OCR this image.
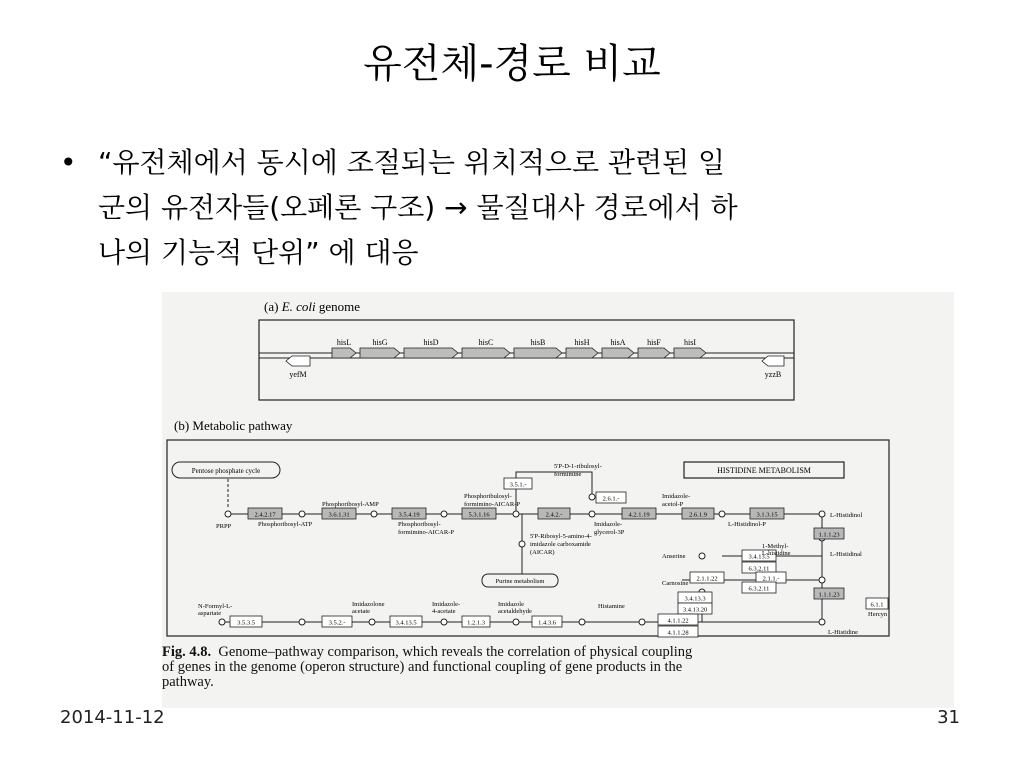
유전체-경로 비교
• “유전체에서 동시에 조절되는 위치적으로 관련된 일
군의 유전자들(오페론 구조) → 물질대사 경로에서 하
나의 기능적 단위” 에 대응
(a) E. coli genome
hisL	hisG	hisD	hisC	hisB	hisH	hisA	hisF	hisI
yefM	yzzB
(b) Metabolic pathway
HISTIDINE METABOLISM
Pentose phosphate cycle
Purine metabolism
2.4.2.17	3.6.1.31	3.5.4.19	5.3.1.16
3.5.1.-
2.6.1.-
2.4.2.-	4.2.1.19	2.6.1.9	3.1.3.15
1.1.1.23
1.1.1.23
3.4.13.5
6.3.2.11
2.1.1.22	2.1.1.-
6.3.2.11
3.4.13.3
3.4.13.20
6.1.1
3.5.3.5	3.5.2.-	3.4.13.5	1.2.1.3	1.4.3.6	4.1.1.22
4.1.1.28
PRPP	Phosphoribosyl-ATP
Phosphoribosyl-AMP
Phosphoribosyl-
formimino-AICAR-P
Phosphoribulosyl-
formimino-AICAR-P
5'P-D-1-ribulosyl-
formimine
Imidazole-
glycerol-3P
Imidazole-
acetol-P
L-Histidinol-P
L-Histidinol
L-Histidinal
5'P-Ribosyl-5-amino-4-
imidazole carboxamide
(AICAR)
1-Methyl-
L-histidine
Anserine
Carnosine
Histamine
L-Histidine
Hercyn
N-Formyl-L-
aspartate
Imidazolone
acetate
Imidazole-
4-acetate
Imidazole
acetaldehyde
Fig. 4.8. Genome–pathway comparison, which reveals the correlation of physical coupling
of genes in the genome (operon structure) and functional coupling of gene products in the
pathway.
2014-11-12	31
